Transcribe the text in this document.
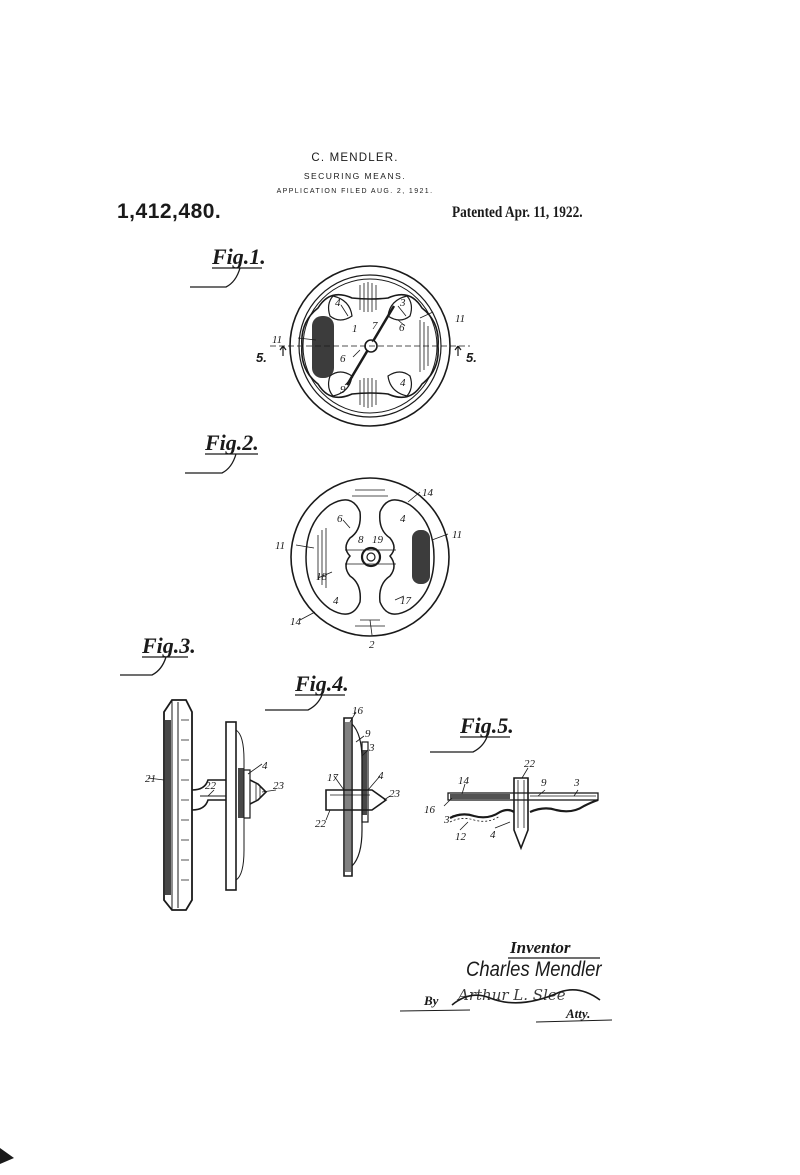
C. MENDLER.
SECURING MEANS.
APPLICATION FILED AUG. 2, 1921.
1,412,480.	Patented Apr. 11, 1922.
Fig.1.
Fig.2.
Fig.3.
Fig.4.
Fig.5.
4	3
6
11
7
1
11
6
9
4
5.	5.
14
6	4
11	8 19	11
18
4	17
14
2
21
22
4
23
16
9
3
17	4
23
22
22
14	9	3
16
3
12 4
Inventor
Charles Mendler
By Arthur L. Slee
Atty.
